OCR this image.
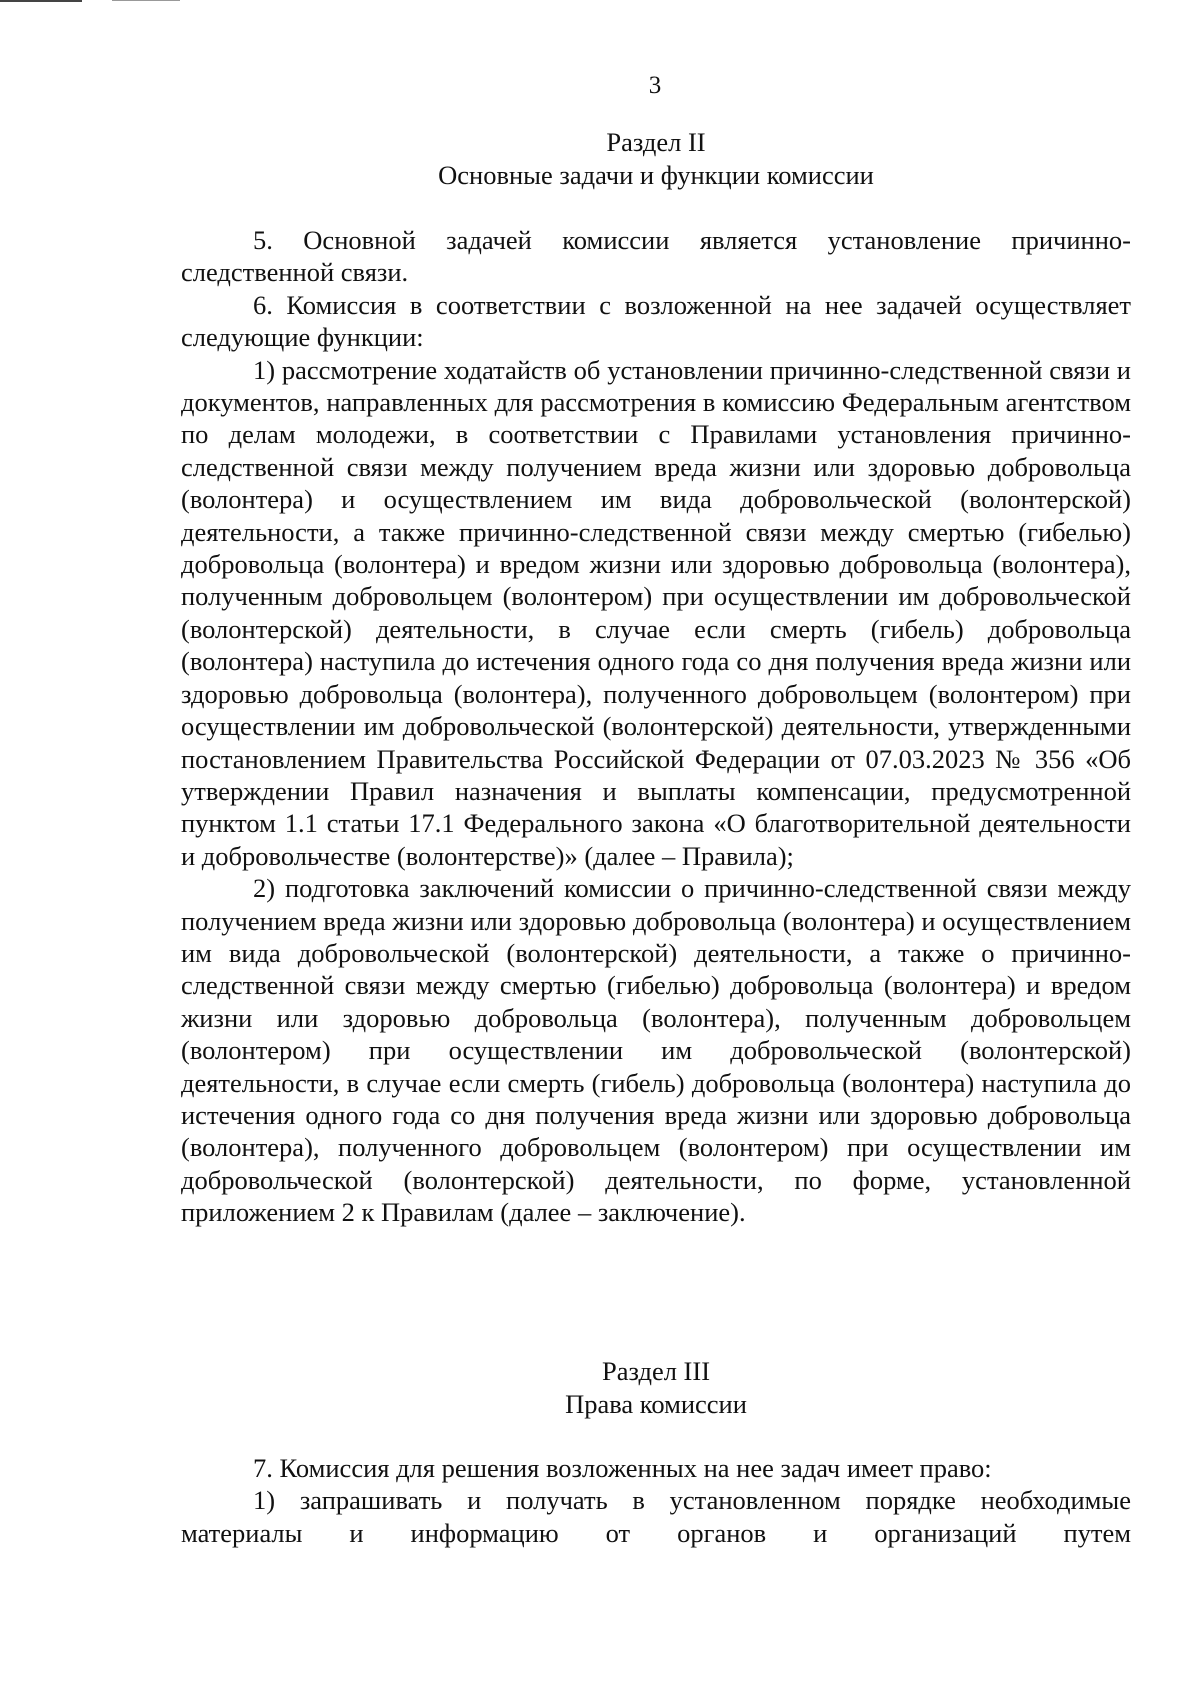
3
Раздел II
Основные задачи и функции комиссии

5. Основной задачей комиссии является установление причинно-следственной связи.

6. Комиссия в соответствии с возложенной на нее задачей осуществляет следующие функции:

1) рассмотрение ходатайств об установлении причинно-следственной связи и документов, направленных для рассмотрения в комиссию Федеральным агентством по делам молодежи, в соответствии с Правилами установления причинно-следственной связи между получением вреда жизни или здоровью добровольца (волонтера) и осуществлением им вида добровольческой (волонтерской) деятельности, а также причинно-следственной связи между смертью (гибелью) добровольца (волонтера) и вредом жизни или здоровью добровольца (волонтера), полученным добровольцем (волонтером) при осуществлении им добровольческой (волонтерской) деятельности, в случае если смерть (гибель) добровольца (волонтера) наступила до истечения одного года со дня получения вреда жизни или здоровью добровольца (волонтера), полученного добровольцем (волонтером) при осуществлении им добровольческой (волонтерской) деятельности, утвержденными постановлением Правительства Российской Федерации от 07.03.2023 № 356 «Об утверждении Правил назначения и выплаты компенсации, предусмотренной пунктом 1.1 статьи 17.1 Федерального закона «О благотворительной деятельности и добровольчестве (волонтерстве)» (далее – Правила);

2) подготовка заключений комиссии о причинно-следственной связи между получением вреда жизни или здоровью добровольца (волонтера) и осуществлением им вида добровольческой (волонтерской) деятельности, а также о причинно-следственной связи между смертью (гибелью) добровольца (волонтера) и вредом жизни или здоровью добровольца (волонтера), полученным добровольцем (волонтером) при осуществлении им добровольческой (волонтерской) деятельности, в случае если смерть (гибель) добровольца (волонтера) наступила до истечения одного года со дня получения вреда жизни или здоровью добровольца (волонтера), полученного добровольцем (волонтером) при осуществлении им добровольческой (волонтерской) деятельности, по форме, установленной приложением 2 к Правилам (далее – заключение).

Раздел III
Права комиссии

7. Комиссия для решения возложенных на нее задач имеет право:

1) запрашивать и получать в установленном порядке необходимые материалы и информацию от органов и организаций путем
